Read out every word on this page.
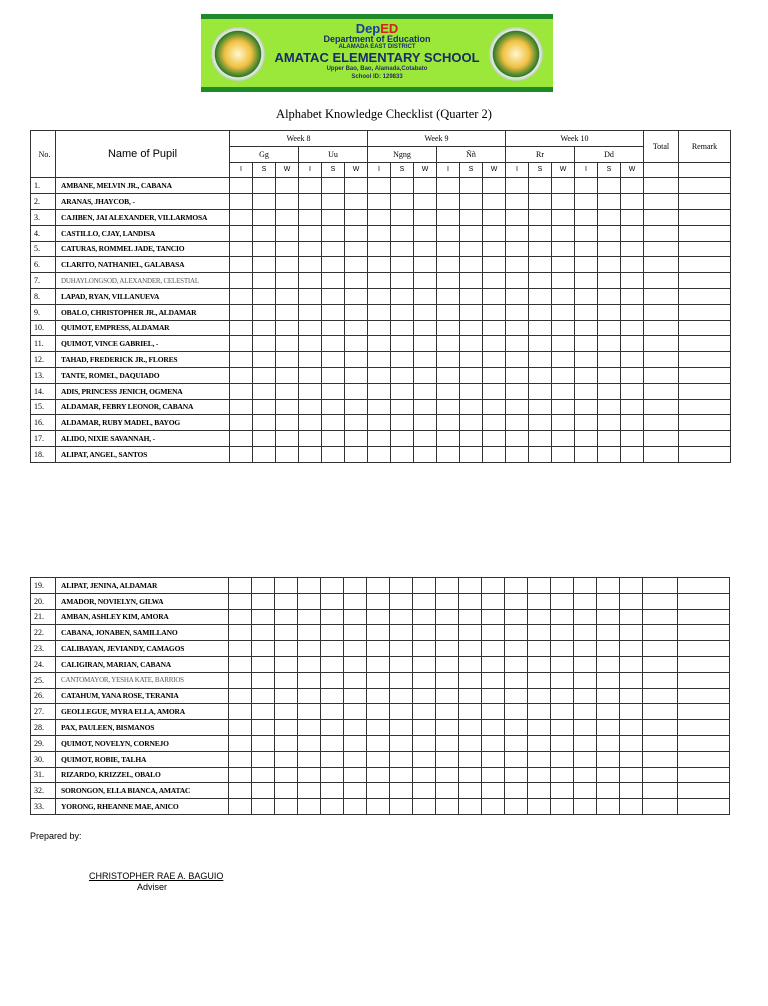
DepED
Department of Education
ALAMADA EAST DISTRICT
AMATAC ELEMENTARY SCHOOL
Upper Bao, Bao, Alamada,Cotabato
School ID: 129833
Alphabet Knowledge Checklist (Quarter 2)
No.	Name of Pupil	Week 8						Week 9						Week 10						Total	Remark
		Gg			Uu			Ngng			Ññ			Rr			Dd				
		I	S	W	I	S	W	I	S	W	I	S	W	I	S	W	I	S	W		
1.	AMBANE, MELVIN JR., CABANA																				
2.	ARANAS, JHAYCOB, -																				
3.	CAJIBEN, JAI ALEXANDER, VILLARMOSA																				
4.	CASTILLO, CJAY, LANDISA																				
5.	CATURAS, ROMMEL JADE, TANCIO																				
6.	CLARITO, NATHANIEL, GALABASA																				
7.	DUHAYLONGSOD, ALEXANDER, CELESTIAL																				
8.	LAPAD, RYAN, VILLANUEVA																				
9.	OBALO, CHRISTOPHER JR., ALDAMAR																				
10.	QUIMOT, EMPRESS, ALDAMAR																				
11.	QUIMOT, VINCE GABRIEL, -																				
12.	TAHAD, FREDERICK JR., FLORES																				
13.	TANTE, ROMEL, DAQUIADO																				
14.	ADIS, PRINCESS JENICH, OGMENA																				
15.	ALDAMAR, FEBRY LEONOR, CABANA																				
16.	ALDAMAR, RUBY MADEL, BAYOG																				
17.	ALIDO, NIXIE SAVANNAH, -																				
18.	ALIPAT, ANGEL, SANTOS																				
19.	ALIPAT, JENINA, ALDAMAR																				
20.	AMADOR, NOVIELYN, GILWA																				
21.	AMBAN, ASHLEY KIM, AMORA																				
22.	CABANA, JONABEN, SAMILLANO																				
23.	CALIBAYAN, JEVIANDY, CAMAGOS																				
24.	CALIGIRAN, MARIAN, CABANA																				
25.	CANTOMAYOR, YESHA KATE, BARRIOS																				
26.	CATAHUM, YANA ROSE, TERANIA																				
27.	GEOLLEGUE, MYRA ELLA, AMORA																				
28.	PAX, PAULEEN, BISMANOS																				
29.	QUIMOT, NOVELYN, CORNEJO																				
30.	QUIMOT, ROBIE, TALHA																				
31.	RIZARDO, KRIZZEL, OBALO																				
32.	SORONGON, ELLA BIANCA, AMATAC																				
33.	YORONG, RHEANNE MAE, ANICO																				
Prepared by:
CHRISTOPHER RAE A. BAGUIO
Adviser
